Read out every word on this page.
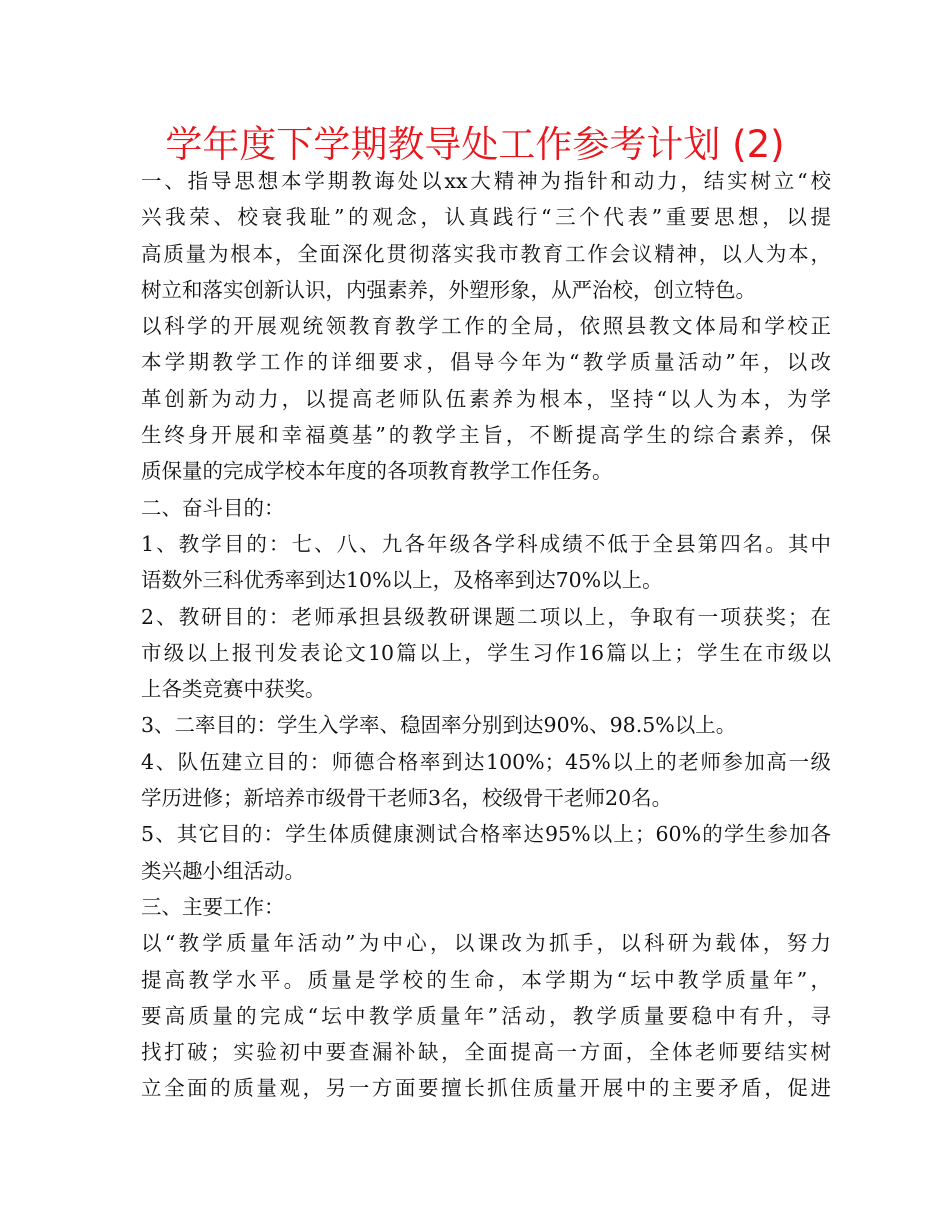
学年度下学期教导处工作参考计划 (2)
一、指导思想本学期教诲处以xx大精神为指针和动力，结实树立“校
兴我荣、校衰我耻”的观念，认真践行“三个代表”重要思想，以提
高质量为根本，全面深化贯彻落实我市教育工作会议精神，以人为本，
树立和落实创新认识，内强素养，外塑形象，从严治校，创立特色。
以科学的开展观统领教育教学工作的全局，依照县教文体局和学校正
本学期教学工作的详细要求，倡导今年为“教学质量活动”年，以改
革创新为动力，以提高老师队伍素养为根本，坚持“以人为本，为学
生终身开展和幸福奠基”的教学主旨，不断提高学生的综合素养，保
质保量的完成学校本年度的各项教育教学工作任务。
二、奋斗目的：
1、教学目的：七、八、九各年级各学科成绩不低于全县第四名。其中
语数外三科优秀率到达10%以上，及格率到达70%以上。
2、教研目的：老师承担县级教研课题二项以上，争取有一项获奖；在
市级以上报刊发表论文10篇以上，学生习作16篇以上；学生在市级以
上各类竞赛中获奖。
3、二率目的：学生入学率、稳固率分别到达90%、98.5%以上。
4、队伍建立目的：师德合格率到达100%；45%以上的老师参加高一级
学历进修；新培养市级骨干老师3名，校级骨干老师20名。
5、其它目的：学生体质健康测试合格率达95%以上；60%的学生参加各
类兴趣小组活动。
三、主要工作：
以“教学质量年活动”为中心，以课改为抓手，以科研为载体，努力
提高教学水平。质量是学校的生命，本学期为“坛中教学质量年”，
要高质量的完成“坛中教学质量年”活动，教学质量要稳中有升，寻
找打破；实验初中要查漏补缺，全面提高一方面，全体老师要结实树
立全面的质量观，另一方面要擅长抓住质量开展中的主要矛盾，促进
